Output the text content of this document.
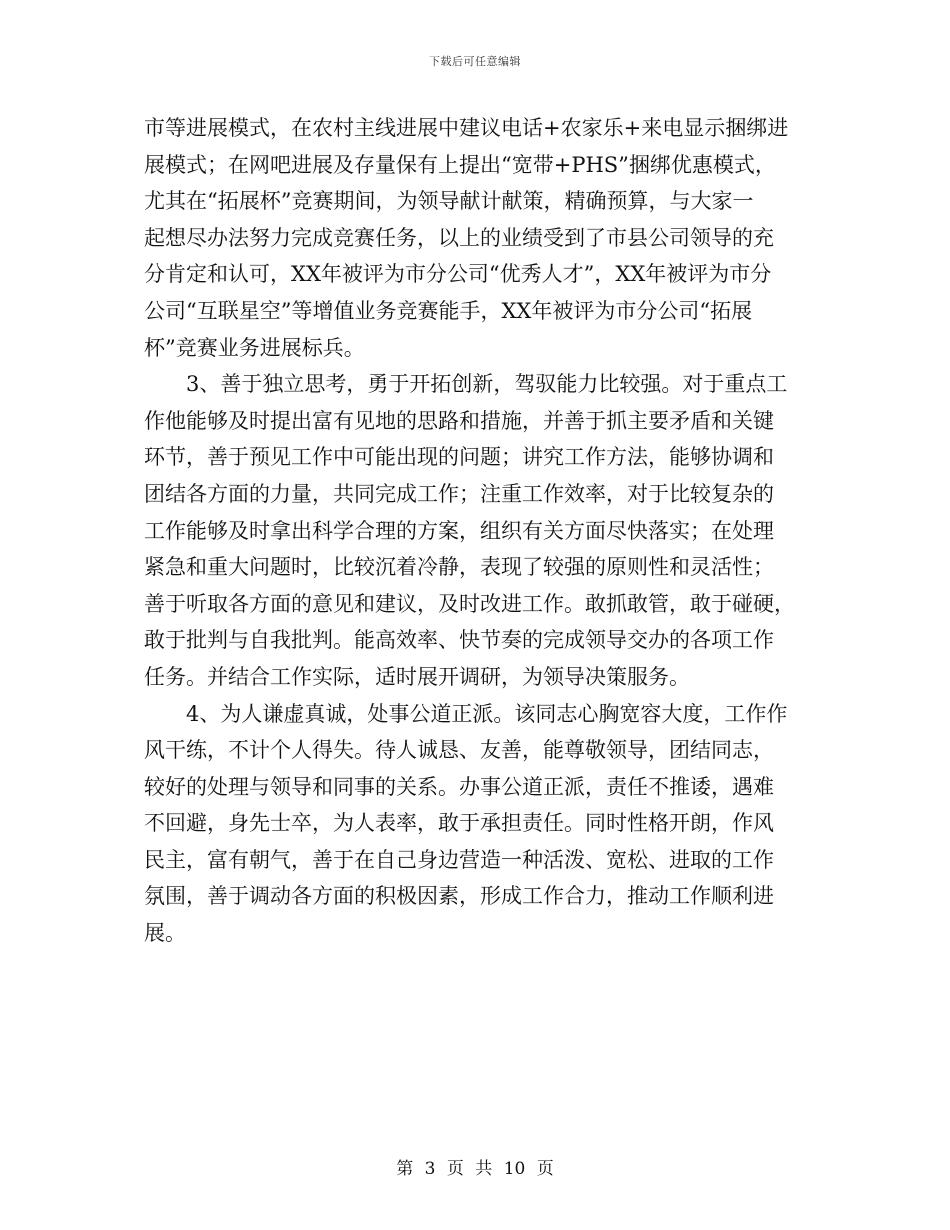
下载后可任意编辑
市等进展模式，在农村主线进展中建议电话+农家乐+来电显示捆绑进
展模式；在网吧进展及存量保有上提出“宽带+PHS”捆绑优惠模式，
尤其在“拓展杯”竞赛期间，为领导献计献策，精确预算，与大家一
起想尽办法努力完成竞赛任务，以上的业绩受到了市县公司领导的充
分肯定和认可，XX年被评为市分公司“优秀人才”，XX年被评为市分
公司“互联星空”等增值业务竞赛能手，XX年被评为市分公司“拓展
杯”竞赛业务进展标兵。
　　3、善于独立思考，勇于开拓创新，驾驭能力比较强。对于重点工
作他能够及时提出富有见地的思路和措施，并善于抓主要矛盾和关键
环节，善于预见工作中可能出现的问题；讲究工作方法，能够协调和
团结各方面的力量，共同完成工作；注重工作效率，对于比较复杂的
工作能够及时拿出科学合理的方案，组织有关方面尽快落实；在处理
紧急和重大问题时，比较沉着冷静，表现了较强的原则性和灵活性；
善于听取各方面的意见和建议，及时改进工作。敢抓敢管，敢于碰硬，
敢于批判与自我批判。能高效率、快节奏的完成领导交办的各项工作
任务。并结合工作实际，适时展开调研，为领导决策服务。
　　4、为人谦虚真诚，处事公道正派。该同志心胸宽容大度，工作作
风干练，不计个人得失。待人诚恳、友善，能尊敬领导，团结同志，
较好的处理与领导和同事的关系。办事公道正派，责任不推诿，遇难
不回避，身先士卒，为人表率，敢于承担责任。同时性格开朗，作风
民主，富有朝气，善于在自己身边营造一种活泼、宽松、进取的工作
氛围，善于调动各方面的积极因素，形成工作合力，推动工作顺利进
展。
第 3 页 共 10 页
